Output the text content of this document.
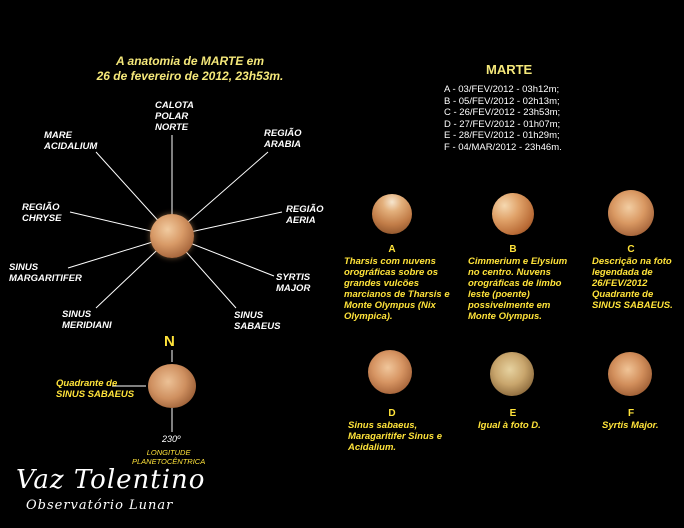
A anatomia de MARTE em
26 de fevereiro de 2012, 23h53m.
CALOTA
POLAR
NORTE
MARE
ACIDALIUM
REGIÃO
ARABIA
REGIÃO
CHRYSE
REGIÃO
AERIA
SINUS
MARGARITIFER	SYRTIS
MAJOR
SINUS
MERIDIANI
SINUS
SABAEUS
N
Quadrante de
SINUS SABAEUS
230º
LONGITUDE
PLANETOCÊNTRICA
MARTE
A - 03/FEV/2012 - 03h12m;
B - 05/FEV/2012 - 02h13m;
C - 26/FEV/2012 - 23h53m;
D - 27/FEV/2012 - 01h07m;
E - 28/FEV/2012 - 01h29m;
F - 04/MAR/2012 - 23h46m.
A	B	C
Tharsis com nuvens orográficas sobre os grandes vulcões marcianos de Tharsis e Monte Olympus (Nix Olympica).
Cimmerium e Elysium no centro. Nuvens orográficas de limbo leste (poente) possivelmente em Monte Olympus.
Descrição na foto legendada de 26/FEV/2012 Quadrante de SINUS SABAEUS.
D	E	F
Sinus sabaeus, Maragaritifer Sinus e Acidalium.
Igual à foto D.	Syrtis Major.
Vaz Tolentino
Observatório Lunar
